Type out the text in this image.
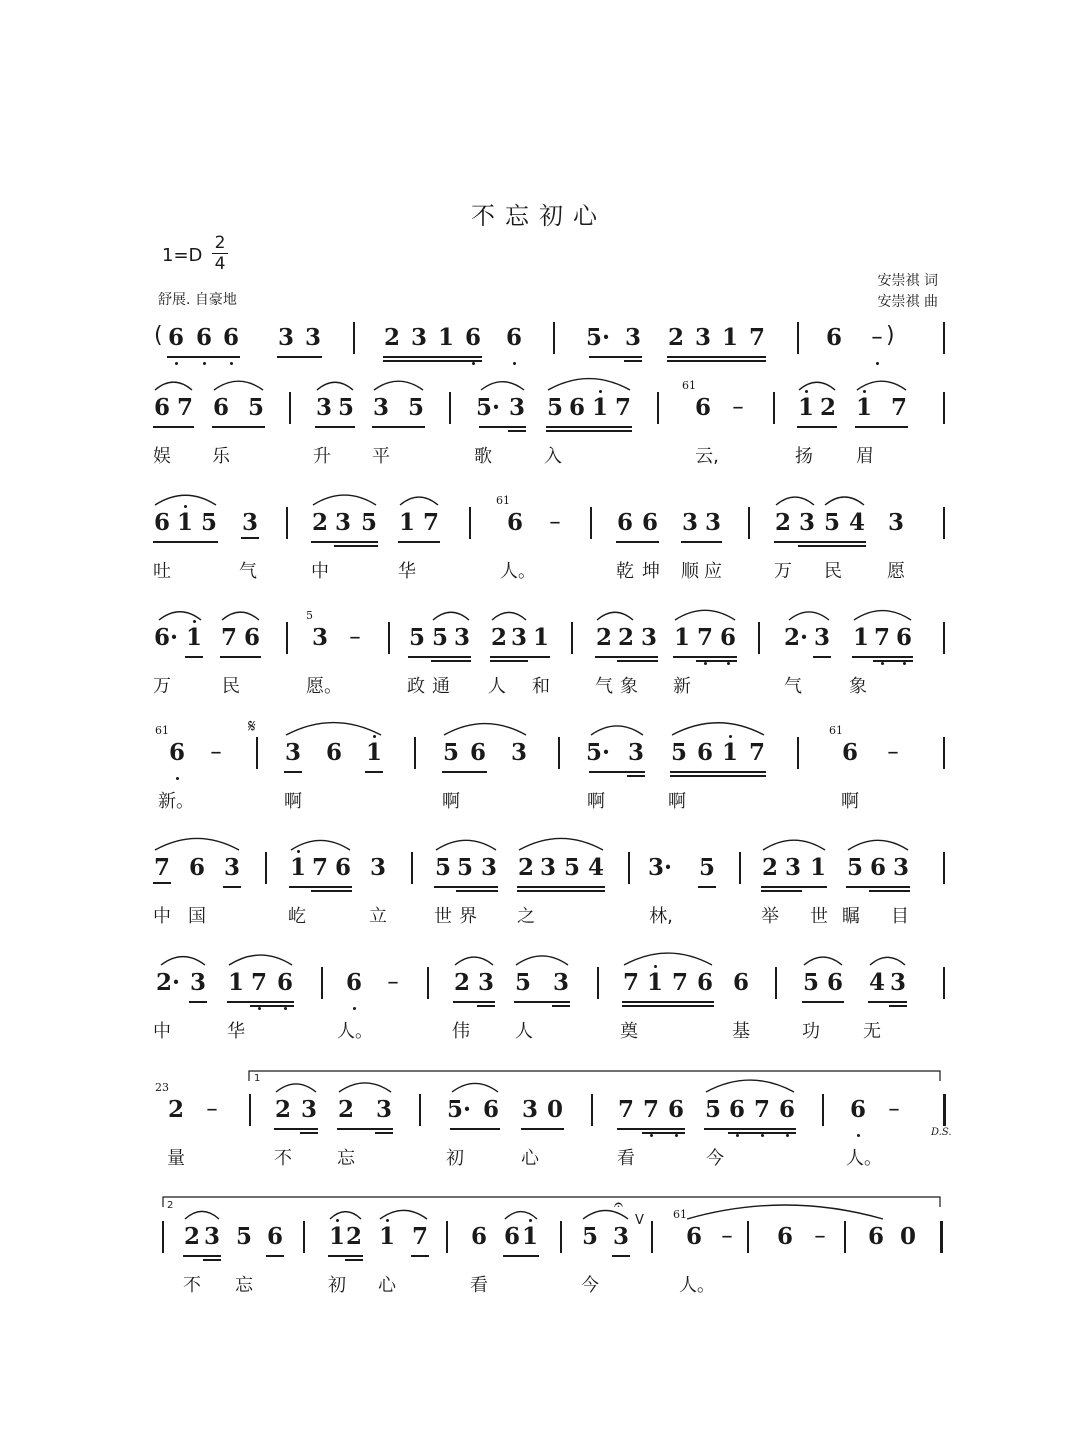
不忘初心
1=D
2
4
舒展. 自豪地
安崇祺 词
安崇祺 曲
6 6 6 3 3	2 3 1 6 6	5· 3 2 3 1 7	6 –
6 7 6 5 3 5 3 5 5· 3 5 6 1 7	6 – 1 2 1 7
61
娱 乐	升 平	歌	入	云,	扬 眉
6 1 5 3 2 3 5 1 7	6 – 6 6 3 3 2 3 5 4 3
61
吐	气	中	华	人。	乾 坤 顺 应	万 民	愿
6· 1 7 6 3 – 5 5 3 2 3 1 2 2 3 1 7 6 2· 3 1 7 6
5
万	民	愿。	政 通 人 和	气 象 新	气	象
6 –	3 6 1	5 6 3	5· 3 5 6 1 7	6 –
61	61
新。	啊	啊	啊	啊	啊
7 6 3 1 7 6 3 5 5 3 2 3 5 4 3· 5 2 3 1 5 6 3
中 国	屹	立	世 界 之	林,	举 世 瞩 目
2· 3 1 7 6 6 – 2 3 5 3 7 1 7 6 6 5 6 4 3
中	华	人。	伟	人	奠	基	功 无
2 – 2 3 2 3 5· 6 3 0 7 7 6 5 6 7 6 6 –
23
量	不	忘	初	心	看	今	人。
2 3 5 6 1 2 1 7 6 6 1 5 3 6 – 6 – 6 0
61
不 忘	初 心	看	今	人。
(	)
𝄋
D.S.
1
2	𝄐
V
